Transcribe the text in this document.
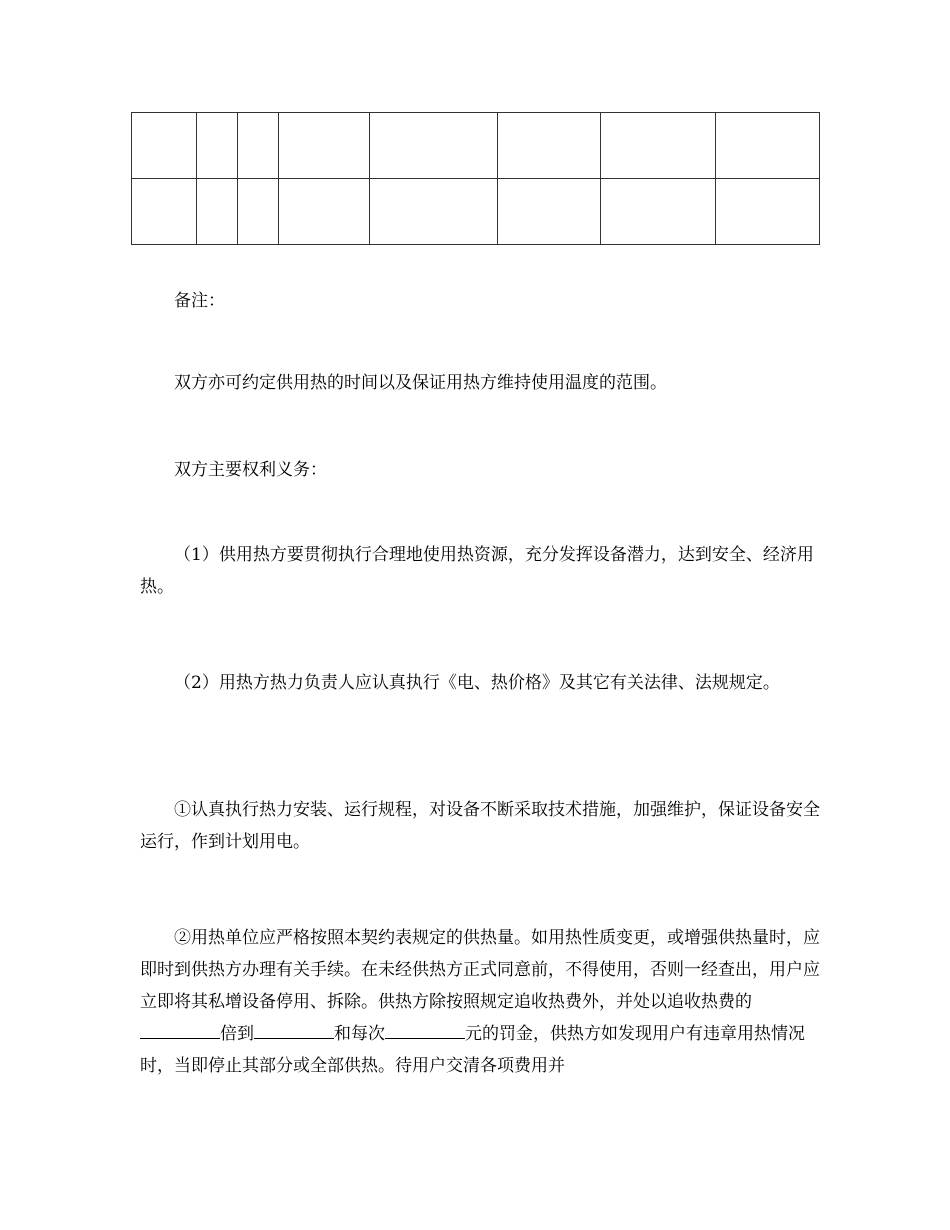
备注：

双方亦可约定供用热的时间以及保证用热方维持使用温度的范围。

双方主要权利义务：

（1）供用热方要贯彻执行合理地使用热资源，充分发挥设备潜力，达到安全、经济用热。

（2）用热方热力负责人应认真执行《电、热价格》及其它有关法律、法规规定。

①认真执行热力安装、运行规程，对设备不断采取技术措施，加强维护，保证设备安全运行，作到计划用电。

②用热单位应严格按照本契约表规定的供热量。如用热性质变更，或增强供热量时，应即时到供热方办理有关手续。在未经供热方正式同意前，不得使用，否则一经查出，用户应立即将其私增设备停用、拆除。供热方除按照规定追收热费外，并处以追收热费的倍到	和每次	元的罚金，供热方如发现用户有违章用热情况时，当即停止其部分或全部供热。待用户交清各项费用并
